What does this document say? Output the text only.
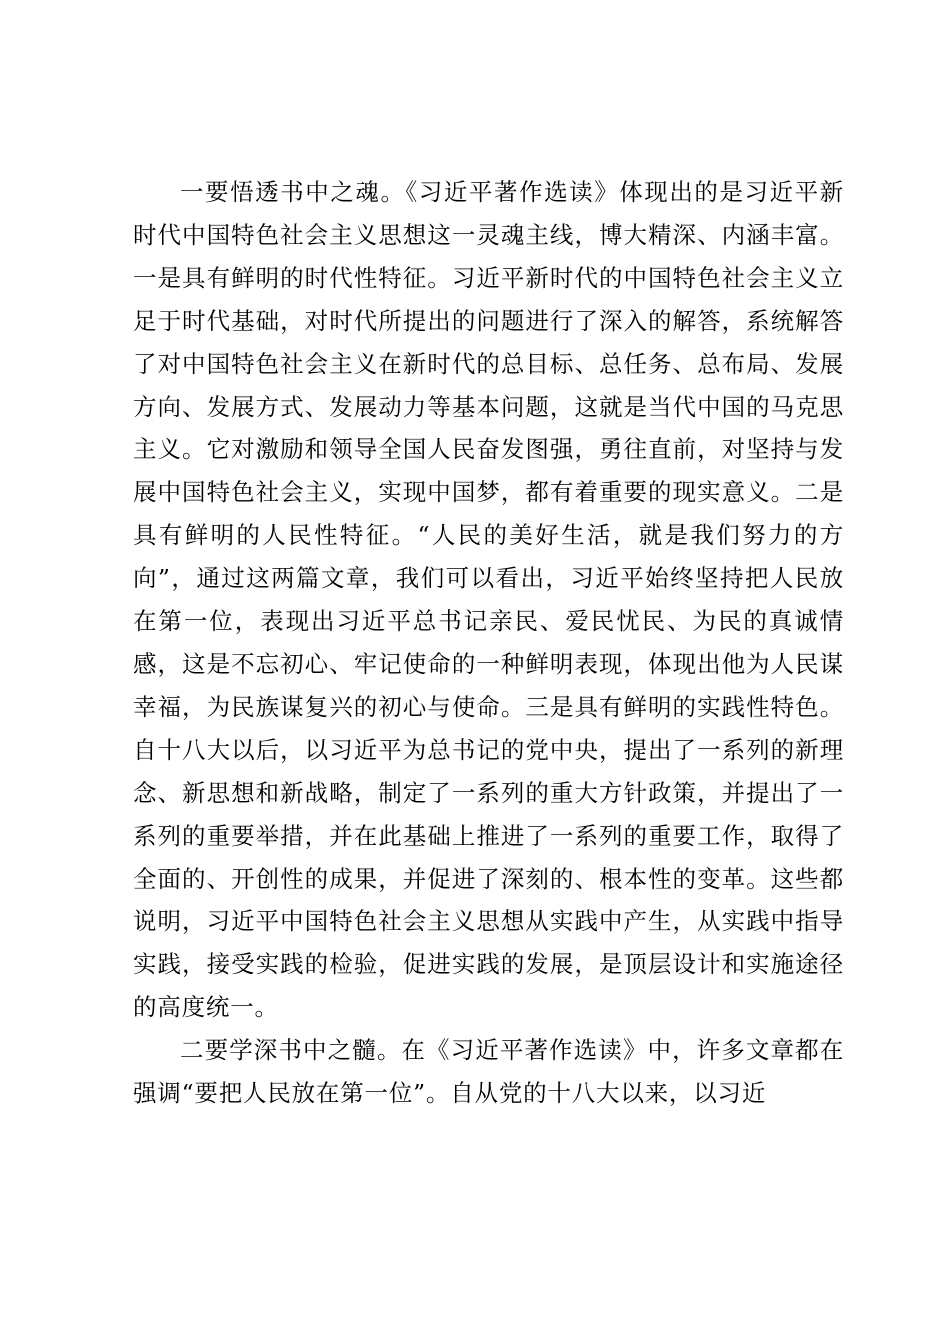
一要悟透书中之魂。《习近平著作选读》体现出的是习近平新时代中国特色社会主义思想这一灵魂主线，博大精深、内涵丰富。一是具有鲜明的时代性特征。习近平新时代的中国特色社会主义立足于时代基础，对时代所提出的问题进行了深入的解答，系统解答了对中国特色社会主义在新时代的总目标、总任务、总布局、发展方向、发展方式、发展动力等基本问题，这就是当代中国的马克思主义。它对激励和领导全国人民奋发图强，勇往直前，对坚持与发展中国特色社会主义，实现中国梦，都有着重要的现实意义。二是具有鲜明的人民性特征。“人民的美好生活，就是我们努力的方向”，通过这两篇文章，我们可以看出，习近平始终坚持把人民放在第一位，表现出习近平总书记亲民、爱民忧民、为民的真诚情感，这是不忘初心、牢记使命的一种鲜明表现，体现出他为人民谋幸福，为民族谋复兴的初心与使命。三是具有鲜明的实践性特色。自十八大以后，以习近平为总书记的党中央，提出了一系列的新理念、新思想和新战略，制定了一系列的重大方针政策，并提出了一系列的重要举措，并在此基础上推进了一系列的重要工作，取得了全面的、开创性的成果，并促进了深刻的、根本性的变革。这些都说明，习近平中国特色社会主义思想从实践中产生，从实践中指导实践，接受实践的检验，促进实践的发展，是顶层设计和实施途径的高度统一。

二要学深书中之髓。在《习近平著作选读》中，许多文章都在强调“要把人民放在第一位”。自从党的十八大以来，以习近
